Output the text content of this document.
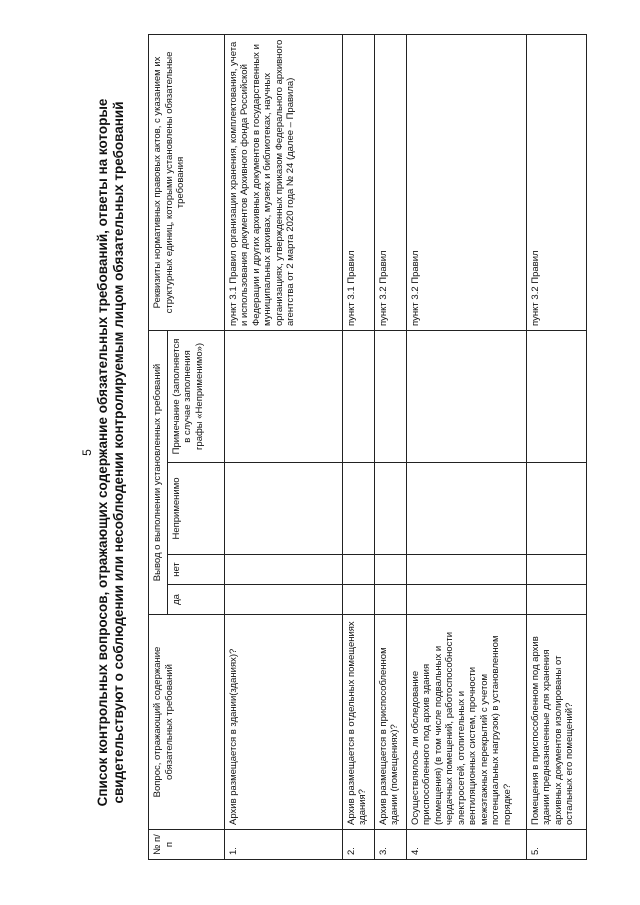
5 Список контрольных вопросов, отражающих содержание обязательных требований, ответы на которые свидетельствуют о соблюдении или несоблюдении контролируемым лицом обязательных требований
№ п/п	Вопрос, отражающий содержание обязательных требований	Вывод о выполнении установленных требований				Реквизиты нормативных правовых актов, с указанием их структурных единиц, которыми установлены обязательные требования
		да	нет	Неприменимо	Примечание (заполняется в случае заполнения графы «Неприменимо»)	
1.	Архив размещается в здании(зданиях)?					пункт 3.1 Правил организации хранения, комплектования, учета и использования документов Архивного фонда Российской Федерации и других архивных документов в государственных и муниципальных архивах, музеях и библиотеках, научных организациях, утвержденных приказом Федерального архивного агентства от 2 марта 2020 года № 24 (далее – Правила)
2.	Архив размещается в отдельных помещениях здания?					пункт 3.1 Правил
3.	Архив размещается в приспособленном здании (помещениях)?					пункт 3.2 Правил
4.	Осуществлялось ли обследование приспособленного под архив здания (помещения) (в том числе подвальных и чердачных помещений, работоспособности электросетей, отопительных и вентиляционных систем, прочности межэтажных перекрытий с учетом потенциальных нагрузок) в установленном порядке?					пункт 3.2 Правил
5.	Помещения в приспособленном под архив здании предназначенные для хранения архивных документов изолированы от остальных его помещений?					пункт 3.2 Правил
